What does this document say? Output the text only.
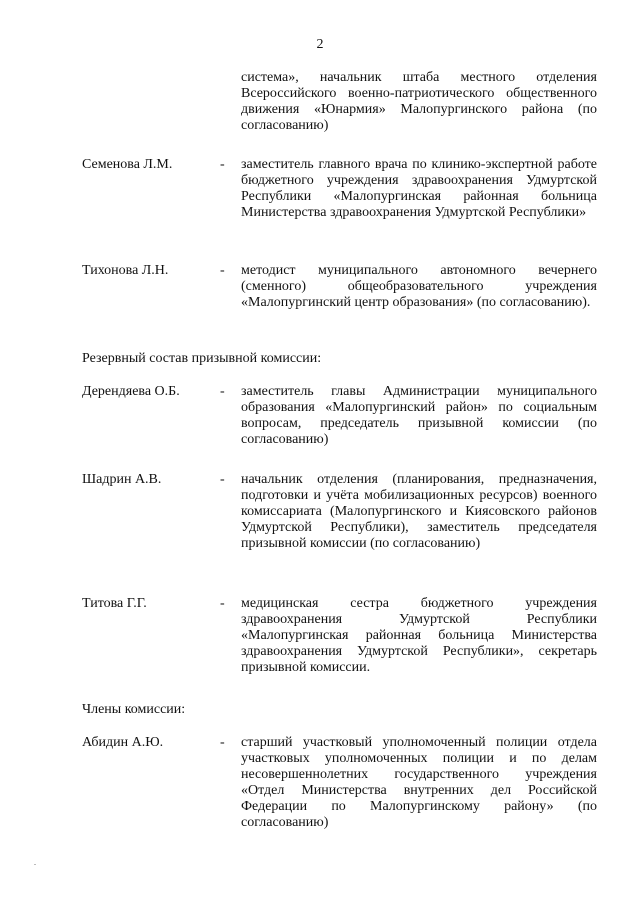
2

система», начальник штаба местного отделения Всероссийского военно-патриотического общественного движения «Юнармия» Малопургинского района (по согласованию)

Семенова Л.М.	- заместитель главного врача по клинико-экспертной работе бюджетного учреждения здравоохранения Удмуртской Республики «Малопургинская районная больница Министерства здравоохранения Удмуртской Республики»

Тихонова Л.Н.	- методист муниципального автономного вечернего (сменного) общеобразовательного учреждения «Малопургинский центр образования» (по согласованию).

Резервный состав призывной комиссии:
Дерендяева О.Б.	- заместитель главы Администрации муниципального образования «Малопургинский район» по социальным вопросам, председатель призывной комиссии (по согласованию)

Шадрин А.В.	- начальник отделения (планирования, предназначения, подготовки и учёта мобилизационных ресурсов) военного комиссариата (Малопургинского и Киясовского районов Удмуртской Республики), заместитель председателя призывной комиссии (по согласованию)

Титова Г.Г.	- медицинская сестра бюджетного учреждения здравоохранения Удмуртской Республики «Малопургинская районная больница Министерства здравоохранения Удмуртской Республики», секретарь призывной комиссии.

Члены комиссии:
Абидин А.Ю.	- старший участковый уполномоченный полиции отдела участковых уполномоченных полиции и по делам несовершеннолетних государственного учреждения «Отдел Министерства внутренних дел Российской Федерации по Малопургинскому району» (по согласованию)
